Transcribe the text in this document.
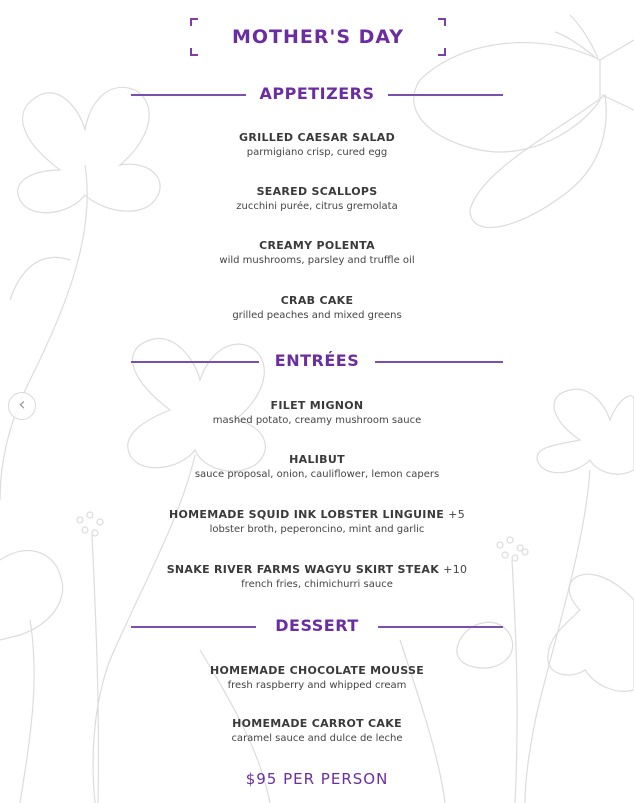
MOTHER'S DAY
APPETIZERS
GRILLED CAESAR SALAD
parmigiano crisp, cured egg
SEARED SCALLOPS
zucchini purée, citrus gremolata
CREAMY POLENTA
wild mushrooms, parsley and truffle oil
CRAB CAKE
grilled peaches and mixed greens
ENTRÉES
FILET MIGNON
mashed potato, creamy mushroom sauce
HALIBUT
sauce proposal, onion, cauliflower, lemon capers
HOMEMADE SQUID INK LOBSTER LINGUINE +5
lobster broth, peperoncino, mint and garlic
SNAKE RIVER FARMS WAGYU SKIRT STEAK +10
french fries, chimichurri sauce
DESSERT
HOMEMADE CHOCOLATE MOUSSE
fresh raspberry and whipped cream
HOMEMADE CARROT CAKE
caramel sauce and dulce de leche
$95 PER PERSON
‹
